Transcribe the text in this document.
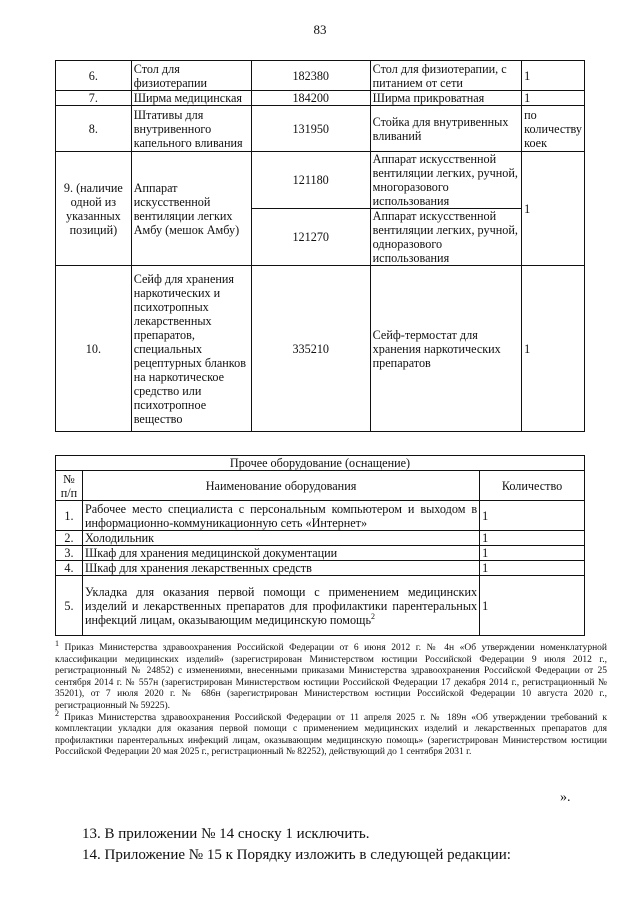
83
6.	Стол для физиотерапии	182380	Стол для физиотерапии, с питанием от сети	1
7.	Ширма медицинская	184200	Ширма прикроватная	1
8.	Штативы для внутривенного капельного вливания	131950	Стойка для внутривенных вливаний	по количеству коек
9. (наличие одной из указанных позиций)	Аппарат искусственной вентиляции легких Амбу (мешок Амбу)	121180	Аппарат искусственной вентиляции легких, ручной, многоразового использования	1
		121270	Аппарат искусственной вентиляции легких, ручной, одноразового использования	
10.	Сейф для хранения наркотических и психотропных лекарственных препаратов, специальных рецептурных бланков на наркотическое средство или психотропное вещество	335210	Сейф-термостат для хранения наркотических препаратов	1
Прочее оборудование (оснащение)		
№ п/п	Наименование оборудования	Количество
1.	Рабочее место специалиста с персональным компьютером и выходом в информационно-коммуникационную сеть «Интернет»	1
2.	Холодильник	1
3.	Шкаф для хранения медицинской документации	1
4.	Шкаф для хранения лекарственных средств	1
5.	Укладка для оказания первой помощи с применением медицинских изделий и лекарственных препаратов для профилактики парентеральных инфекций лицам, оказывающим медицинскую помощь$^2$	1

$^1$ Приказ Министерства здравоохранения Российской Федерации от 6 июня 2012 г. № 4н «Об утверждении номенклатурной классификации медицинских изделий» (зарегистрирован Министерством юстиции Российской Федерации 9 июля 2012 г., регистрационный № 24852) с изменениями, внесенными приказами Министерства здравоохранения Российской Федерации от 25 сентября 2014 г. № 557н (зарегистрирован Министерством юстиции Российской Федерации 17 декабря 2014 г., регистрационный № 35201), от 7 июля 2020 г. № 686н (зарегистрирован Министерством юстиции Российской Федерации 10 августа 2020 г., регистрационный № 59225).

$^2$ Приказ Министерства здравоохранения Российской Федерации от 11 апреля 2025 г. № 189н «Об утверждении требований к комплектации укладки для оказания первой помощи с применением медицинских изделий и лекарственных препаратов для профилактики парентеральных инфекций лицам, оказывающим медицинскую помощь» (зарегистрирован Министерством юстиции Российской Федерации 20 мая 2025 г., регистрационный № 82252), действующий до 1 сентября 2031 г.

».
13. В приложении № 14 сноску 1 исключить.
14. Приложение № 15 к Порядку изложить в следующей редакции:
